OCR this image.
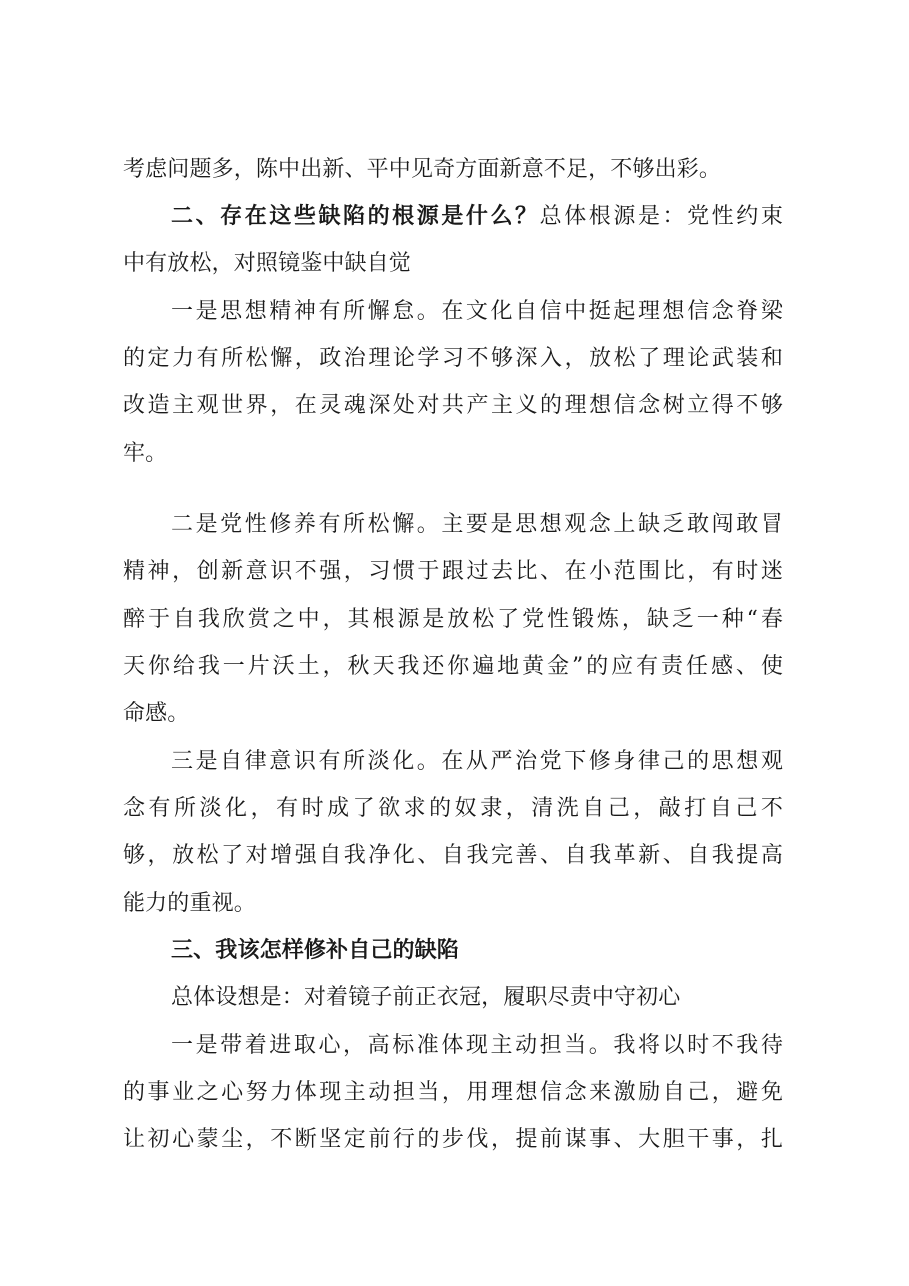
考虑问题多，陈中出新、平中见奇方面新意不足，不够出彩。
二、存在这些缺陷的根源是什么？总体根源是：党性约束
中有放松，对照镜鉴中缺自觉
一是思想精神有所懈怠。在文化自信中挺起理想信念脊梁
的定力有所松懈，政治理论学习不够深入，放松了理论武装和
改造主观世界，在灵魂深处对共产主义的理想信念树立得不够
牢。
二是党性修养有所松懈。主要是思想观念上缺乏敢闯敢冒
精神，创新意识不强，习惯于跟过去比、在小范围比，有时迷
醉于自我欣赏之中，其根源是放松了党性锻炼，缺乏一种“春
天你给我一片沃土，秋天我还你遍地黄金”的应有责任感、使
命感。
三是自律意识有所淡化。在从严治党下修身律己的思想观
念有所淡化，有时成了欲求的奴隶，清洗自己，敲打自己不
够，放松了对增强自我净化、自我完善、自我革新、自我提高
能力的重视。
三、我该怎样修补自己的缺陷
总体设想是：对着镜子前正衣冠，履职尽责中守初心
一是带着进取心，高标准体现主动担当。我将以时不我待
的事业之心努力体现主动担当，用理想信念来激励自己，避免
让初心蒙尘，不断坚定前行的步伐，提前谋事、大胆干事，扎
